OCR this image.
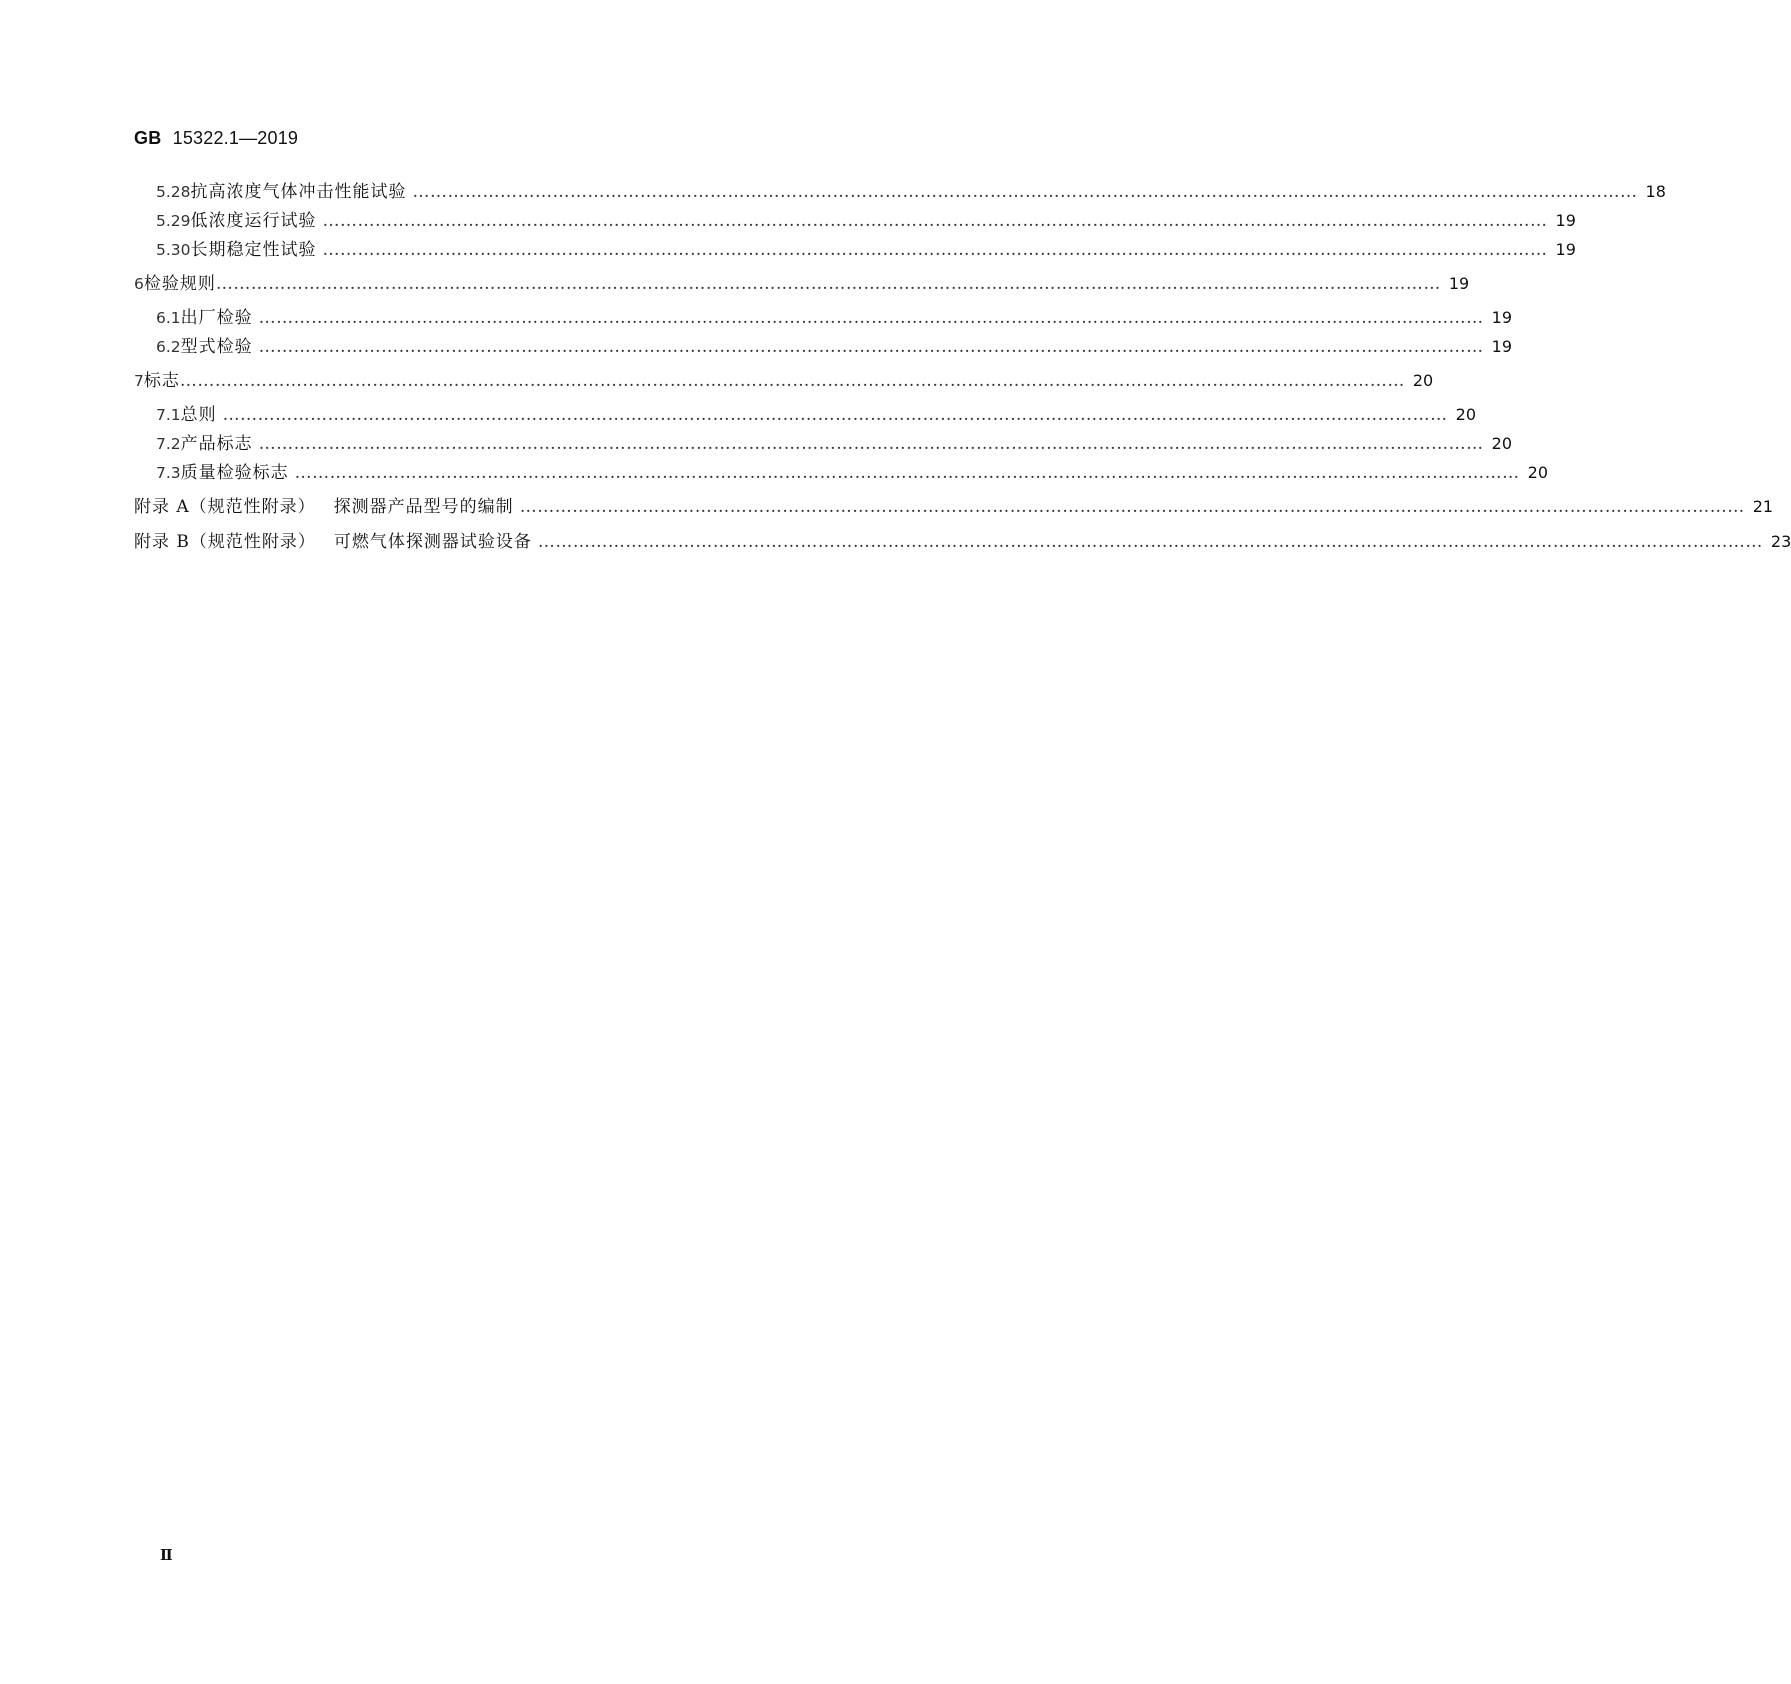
GB 15322.1—2019
5.28 抗高浓度气体冲击性能试验 ………………………………………………………………………………………………………………………………………………………………………………………… 18
5.29 低浓度运行试验 ………………………………………………………………………………………………………………………………………………………………………………………… 19
5.30 长期稳定性试验 ………………………………………………………………………………………………………………………………………………………………………………………… 19
6 检验规则 ………………………………………………………………………………………………………………………………………………………………………………………… 19
6.1 出厂检验 ………………………………………………………………………………………………………………………………………………………………………………………… 19
6.2 型式检验 ………………………………………………………………………………………………………………………………………………………………………………………… 19
7 标志 ………………………………………………………………………………………………………………………………………………………………………………………… 20
7.1 总则 ………………………………………………………………………………………………………………………………………………………………………………………… 20
7.2 产品标志 ………………………………………………………………………………………………………………………………………………………………………………………… 20
7.3 质量检验标志 ………………………………………………………………………………………………………………………………………………………………………………………… 20
附录 A（规范性附录） 探测器产品型号的编制 ………………………………………………………………………………………………………………………………………………………………………………………… 21
附录 B（规范性附录） 可燃气体探测器试验设备 ………………………………………………………………………………………………………………………………………………………………………………………… 23
Ⅱ
